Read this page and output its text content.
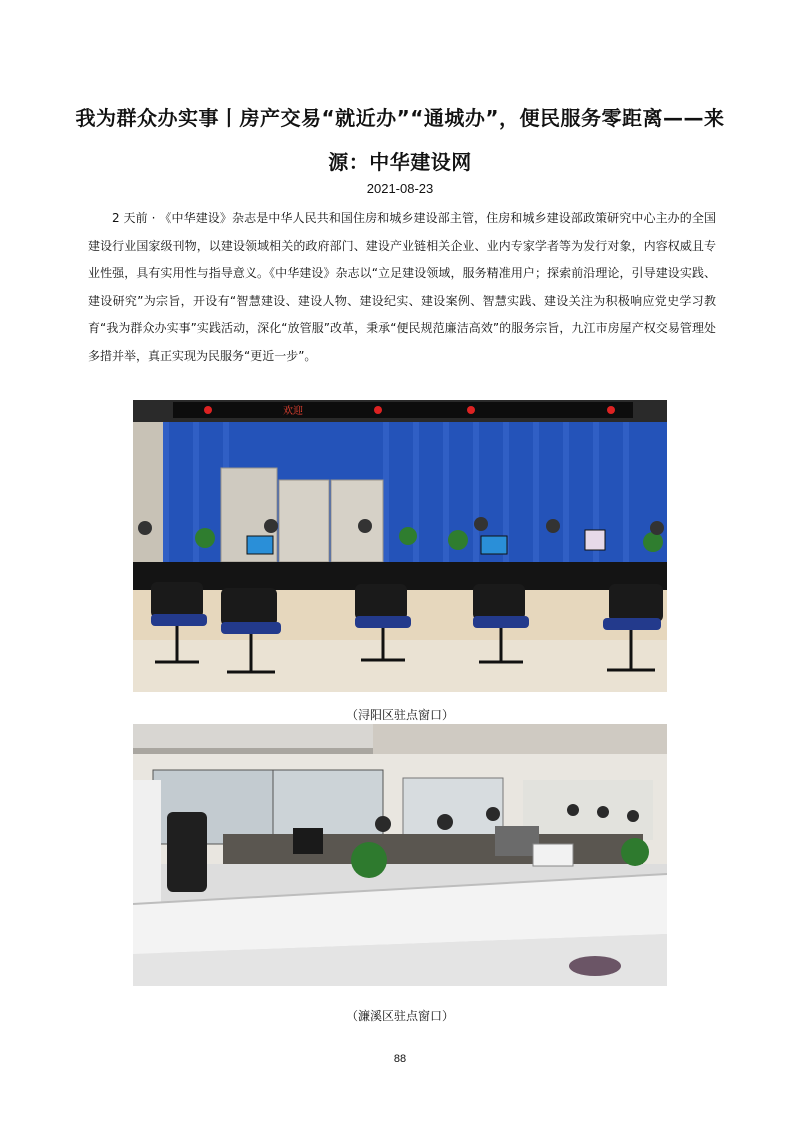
我为群众办实事丨房产交易“就近办”“通城办”，便民服务零距离——来源：中华建设网
2021-08-23
2 天前 · 《中华建设》杂志是中华人民共和国住房和城乡建设部主管，住房和城乡建设部政策研究中心主办的全国建设行业国家级刊物，以建设领域相关的政府部门、建设产业链相关企业、业内专家学者等为发行对象，内容权威且专业性强，具有实用性与指导意义。《中华建设》杂志以“立足建设领域，服务精准用户；探索前沿理论，引导建设实践、建设研究”为宗旨，开设有“智慧建设、建设人物、建设纪实、建设案例、智慧实践、建设关注为积极响应党史学习教育“我为群众办实事”实践活动，深化“放管服”改革，秉承“便民规范廉洁高效”的服务宗旨，九江市房屋产权交易管理处多措并举，真正实现为民服务“更近一步”。
欢迎
（浔阳区驻点窗口）
（濂溪区驻点窗口）
88
